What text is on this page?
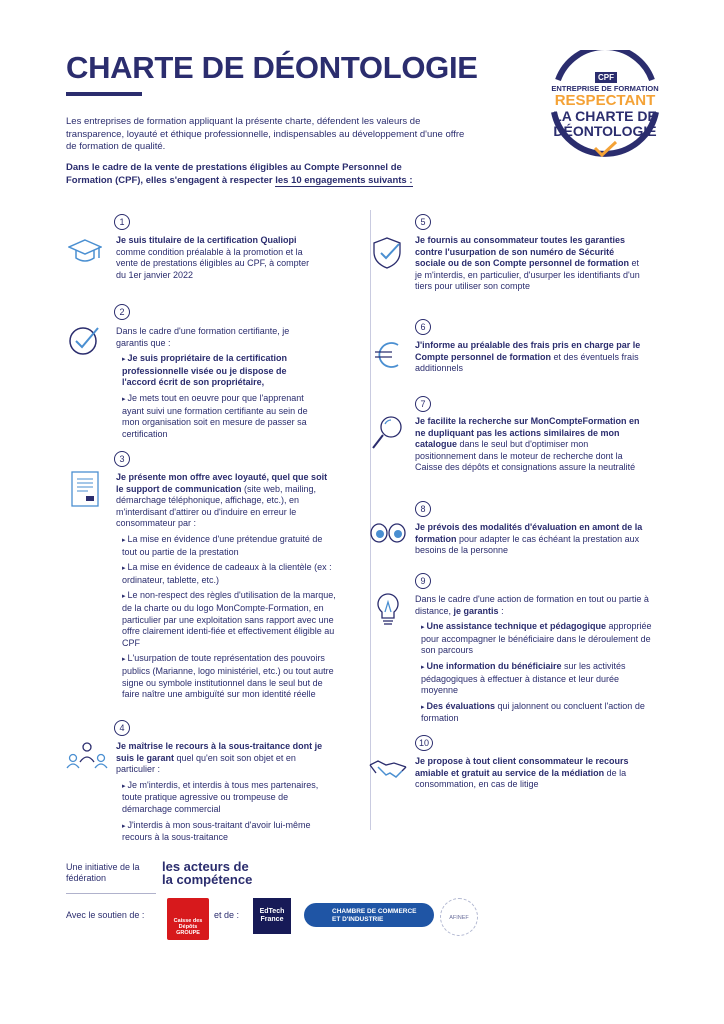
CHARTE DE DÉONTOLOGIE
Les entreprises de formation appliquant la présente charte, défendent les valeurs de transparence, loyauté et éthique professionnelle, indispensables au développement d'une offre de formation de qualité.
Dans le cadre de la vente de prestations éligibles au Compte Personnel de Formation (CPF), elles s'engagent à respecter les 10 engagements suivants :
CPF
ENTREPRISE DE FORMATION
RESPECTANT
LA CHARTE DE
DÉONTOLOGIE
1
Je suis titulaire de la certification Qualiopi comme condition préalable à la promotion et la vente de prestations éligibles au CPF, à compter du 1er janvier 2022
2
Dans le cadre d'une formation certifiante, je garantis que :
▸ Je suis propriétaire de la certification professionnelle visée ou je dispose de l'accord écrit de son propriétaire,
▸ Je mets tout en oeuvre pour que l'apprenant ayant suivi une formation certifiante au sein de mon organisation soit en mesure de passer sa certification
3
Je présente mon offre avec loyauté, quel que soit le support de communication (site web, mailing, démarchage téléphonique, affichage, etc.), en m'interdisant d'attirer ou d'induire en erreur le consommateur par :
▸ La mise en évidence d'une prétendue gratuité de tout ou partie de la prestation
▸ La mise en évidence de cadeaux à la clientèle (ex : ordinateur, tablette, etc.)
▸ Le non-respect des règles d'utilisation de la marque, de la charte ou du logo MonCompte-Formation, en particulier par une exploitation sans rapport avec une offre clairement identi-fiée et effectivement éligible au CPF
▸ L'usurpation de toute représentation des pouvoirs publics (Marianne, logo ministériel, etc.) ou tout autre signe ou symbole institutionnel dans le seul but de faire naître une ambiguïté sur mon identité réelle
4
Je maîtrise le recours à la sous-traitance dont je suis le garant quel qu'en soit son objet et en particulier :
▸ Je m'interdis, et interdis à tous mes partenaires, toute pratique agressive ou trompeuse de démarchage commercial
▸ J'interdis à mon sous-traitant d'avoir lui-même recours à la sous-traitance
5
Je fournis au consommateur toutes les garanties contre l'usurpation de son numéro de Sécurité sociale ou de son Compte personnel de formation et je m'interdis, en particulier, d'usurper les identifiants d'un tiers pour utiliser son compte
6
J'informe au préalable des frais pris en charge par le Compte personnel de formation et des éventuels frais additionnels
7
Je facilite la recherche sur MonCompteFormation en ne dupliquant pas les actions similaires de mon catalogue dans le seul but d'optimiser mon positionnement dans le moteur de recherche dont la Caisse des dépôts et consignations assure la neutralité
8
Je prévois des modalités d'évaluation en amont de la formation pour adapter le cas échéant la prestation aux besoins de la personne
9
Dans le cadre d'une action de formation en tout ou partie à distance, je garantis :
▸ Une assistance technique et pédagogique appropriée pour accompagner le bénéficiaire dans le déroulement de son parcours
▸ Une information du bénéficiaire sur les activités pédagogiques à effectuer à distance et leur durée moyenne
▸ Des évaluations qui jalonnent ou concluent l'action de formation
10
Je propose à tout client consommateur le recours amiable et gratuit au service de la médiation de la consommation, en cas de litige
Une initiative de la fédération
les acteurs de
la compétence
Avec le soutien de :
Caisse des Dépôts
GROUPE
et de :	EdTech
France
CHAMBRE DE COMMERCE
ET D'INDUSTRIE	AFINEF
